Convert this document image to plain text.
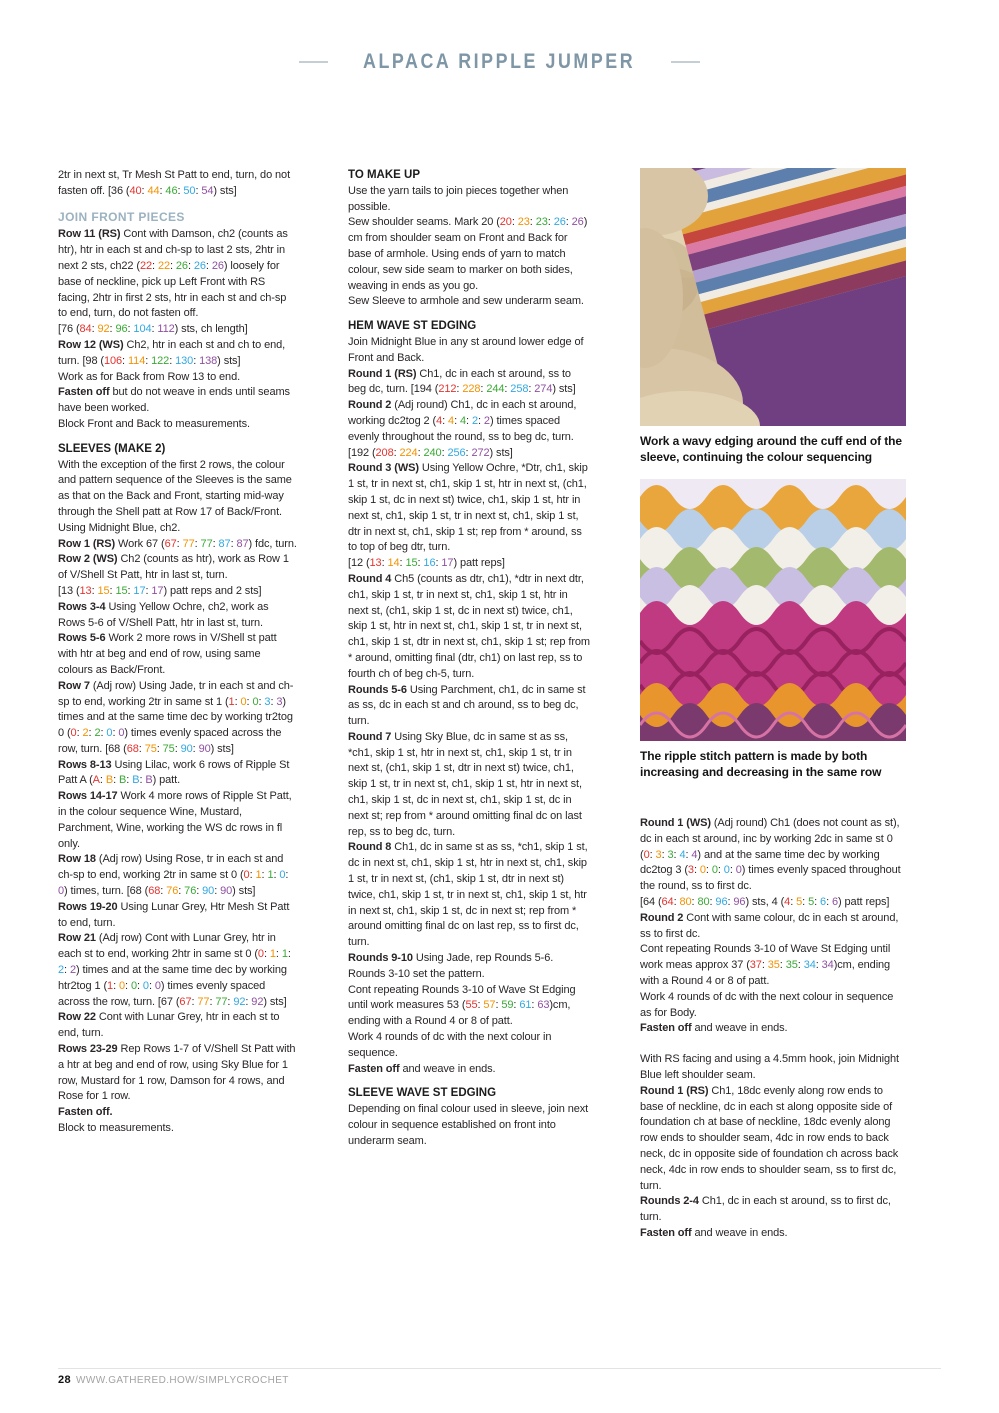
ALPACA RIPPLE JUMPER

2tr in next st, Tr Mesh St Patt to end, turn, do not fasten off. [36 (40: 44: 46: 50: 54) sts]

JOIN FRONT PIECES

Row 11 (RS) Cont with Damson, ch2 (counts as htr), htr in each st and ch-sp to last 2 sts, 2htr in next 2 sts, ch22 (22: 22: 26: 26: 26) loosely for base of neckline, pick up Left Front with RS facing, 2htr in first 2 sts, htr in each st and ch-sp to end, turn, do not fasten off.

[76 (84: 92: 96: 104: 112) sts, ch length]

Row 12 (WS) Ch2, htr in each st and ch to end, turn. [98 (106: 114: 122: 130: 138) sts]

Work as for Back from Row 13 to end.

Fasten off but do not weave in ends until seams have been worked.

Block Front and Back to measurements.

SLEEVES (MAKE 2)

With the exception of the first 2 rows, the colour and pattern sequence of the Sleeves is the same as that on the Back and Front, starting mid-way through the Shell patt at Row 17 of Back/Front.

Using Midnight Blue, ch2.

Row 1 (RS) Work 67 (67: 77: 77: 87: 87) fdc, turn.

Row 2 (WS) Ch2 (counts as htr), work as Row 1 of V/Shell St Patt, htr in last st, turn.

[13 (13: 15: 15: 17: 17) patt reps and 2 sts]

Rows 3-4 Using Yellow Ochre, ch2, work as Rows 5-6 of V/Shell Patt, htr in last st, turn.

Rows 5-6 Work 2 more rows in V/Shell st patt with htr at beg and end of row, using same colours as Back/Front.

Row 7 (Adj row) Using Jade, tr in each st and ch-sp to end, working 2tr in same st 1 (1: 0: 0: 3: 3) times and at the same time dec by working tr2tog 0 (0: 2: 2: 0: 0) times evenly spaced across the row, turn. [68 (68: 75: 75: 90: 90) sts]

Rows 8-13 Using Lilac, work 6 rows of Ripple St Patt A (A: B: B: B: B) patt.

Rows 14-17 Work 4 more rows of Ripple St Patt, in the colour sequence Wine, Mustard, Parchment, Wine, working the WS dc rows in fl only.

Row 18 (Adj row) Using Rose, tr in each st and ch-sp to end, working 2tr in same st 0 (0: 1: 1: 0: 0) times, turn. [68 (68: 76: 76: 90: 90) sts]

Rows 19-20 Using Lunar Grey, Htr Mesh St Patt to end, turn.

Row 21 (Adj row) Cont with Lunar Grey, htr in each st to end, working 2htr in same st 0 (0: 1: 1: 2: 2) times and at the same time dec by working htr2tog 1 (1: 0: 0: 0: 0) times evenly spaced across the row, turn. [67 (67: 77: 77: 92: 92) sts]

Row 22 Cont with Lunar Grey, htr in each st to end, turn.

Rows 23-29 Rep Rows 1-7 of V/Shell St Patt with a htr at beg and end of row, using Sky Blue for 1 row, Mustard for 1 row, Damson for 4 rows, and Rose for 1 row.

Fasten off.

Block to measurements.

TO MAKE UP

Use the yarn tails to join pieces together when possible.

Sew shoulder seams. Mark 20 (20: 23: 23: 26: 26) cm from shoulder seam on Front and Back for base of armhole. Using ends of yarn to match colour, sew side seam to marker on both sides, weaving in ends as you go.

Sew Sleeve to armhole and sew underarm seam.

HEM WAVE ST EDGING

Join Midnight Blue in any st around lower edge of Front and Back.

Round 1 (RS) Ch1, dc in each st around, ss to beg dc, turn. [194 (212: 228: 244: 258: 274) sts]

Round 2 (Adj round) Ch1, dc in each st around, working dc2tog 2 (4: 4: 4: 2: 2) times spaced evenly throughout the round, ss to beg dc, turn. [192 (208: 224: 240: 256: 272) sts]

Round 3 (WS) Using Yellow Ochre, *Dtr, ch1, skip 1 st, tr in next st, ch1, skip 1 st, htr in next st, (ch1, skip 1 st, dc in next st) twice, ch1, skip 1 st, htr in next st, ch1, skip 1 st, tr in next st, ch1, skip 1 st, dtr in next st, ch1, skip 1 st; rep from * around, ss to top of beg dtr, turn.

[12 (13: 14: 15: 16: 17) patt reps]

Round 4 Ch5 (counts as dtr, ch1), *dtr in next dtr, ch1, skip 1 st, tr in next st, ch1, skip 1 st, htr in next st, (ch1, skip 1 st, dc in next st) twice, ch1, skip 1 st, htr in next st, ch1, skip 1 st, tr in next st, ch1, skip 1 st, dtr in next st, ch1, skip 1 st; rep from * around, omitting final (dtr, ch1) on last rep, ss to fourth ch of beg ch-5, turn.

Rounds 5-6 Using Parchment, ch1, dc in same st as ss, dc in each st and ch around, ss to beg dc, turn.

Round 7 Using Sky Blue, dc in same st as ss, *ch1, skip 1 st, htr in next st, ch1, skip 1 st, tr in next st, (ch1, skip 1 st, dtr in next st) twice, ch1, skip 1 st, tr in next st, ch1, skip 1 st, htr in next st, ch1, skip 1 st, dc in next st, ch1, skip 1 st, dc in next st; rep from * around omitting final dc on last rep, ss to beg dc, turn.

Round 8 Ch1, dc in same st as ss, *ch1, skip 1 st, dc in next st, ch1, skip 1 st, htr in next st, ch1, skip 1 st, tr in next st, (ch1, skip 1 st, dtr in next st) twice, ch1, skip 1 st, tr in next st, ch1, skip 1 st, htr in next st, ch1, skip 1 st, dc in next st; rep from * around omitting final dc on last rep, ss to first dc, turn.

Rounds 9-10 Using Jade, rep Rounds 5-6.

Rounds 3-10 set the pattern.

Cont repeating Rounds 3-10 of Wave St Edging until work measures 53 (55: 57: 59: 61: 63)cm, ending with a Round 4 or 8 of patt.

Work 4 rounds of dc with the next colour in sequence.

Fasten off and weave in ends.

SLEEVE WAVE ST EDGING

Depending on final colour used in sleeve, join next colour in sequence established on front into underarm seam.

Work a wavy edging around the cuff end of the sleeve, continuing the colour sequencing

The ripple stitch pattern is made by both increasing and decreasing in the same row

Round 1 (WS) (Adj round) Ch1 (does not count as st), dc in each st around, inc by working 2dc in same st 0 (0: 3: 3: 4: 4) and at the same time dec by working dc2tog 3 (3: 0: 0: 0: 0) times evenly spaced throughout the round, ss to first dc.

[64 (64: 80: 80: 96: 96) sts, 4 (4: 5: 5: 6: 6) patt reps]

Round 2 Cont with same colour, dc in each st around, ss to first dc.

Cont repeating Rounds 3-10 of Wave St Edging until work meas approx 37 (37: 35: 35: 34: 34)cm, ending with a Round 4 or 8 of patt.

Work 4 rounds of dc with the next colour in sequence as for Body.

Fasten off and weave in ends.

With RS facing and using a 4.5mm hook, join Midnight Blue left shoulder seam.

Round 1 (RS) Ch1, 18dc evenly along row ends to base of neckline, dc in each st along opposite side of foundation ch at base of neckline, 18dc evenly along row ends to shoulder seam, 4dc in row ends to back neck, dc in opposite side of foundation ch across back neck, 4dc in row ends to shoulder seam, ss to first dc, turn.

Rounds 2-4 Ch1, dc in each st around, ss to first dc, turn.

Fasten off and weave in ends.

28 WWW.GATHERED.HOW/SIMPLYCROCHET
